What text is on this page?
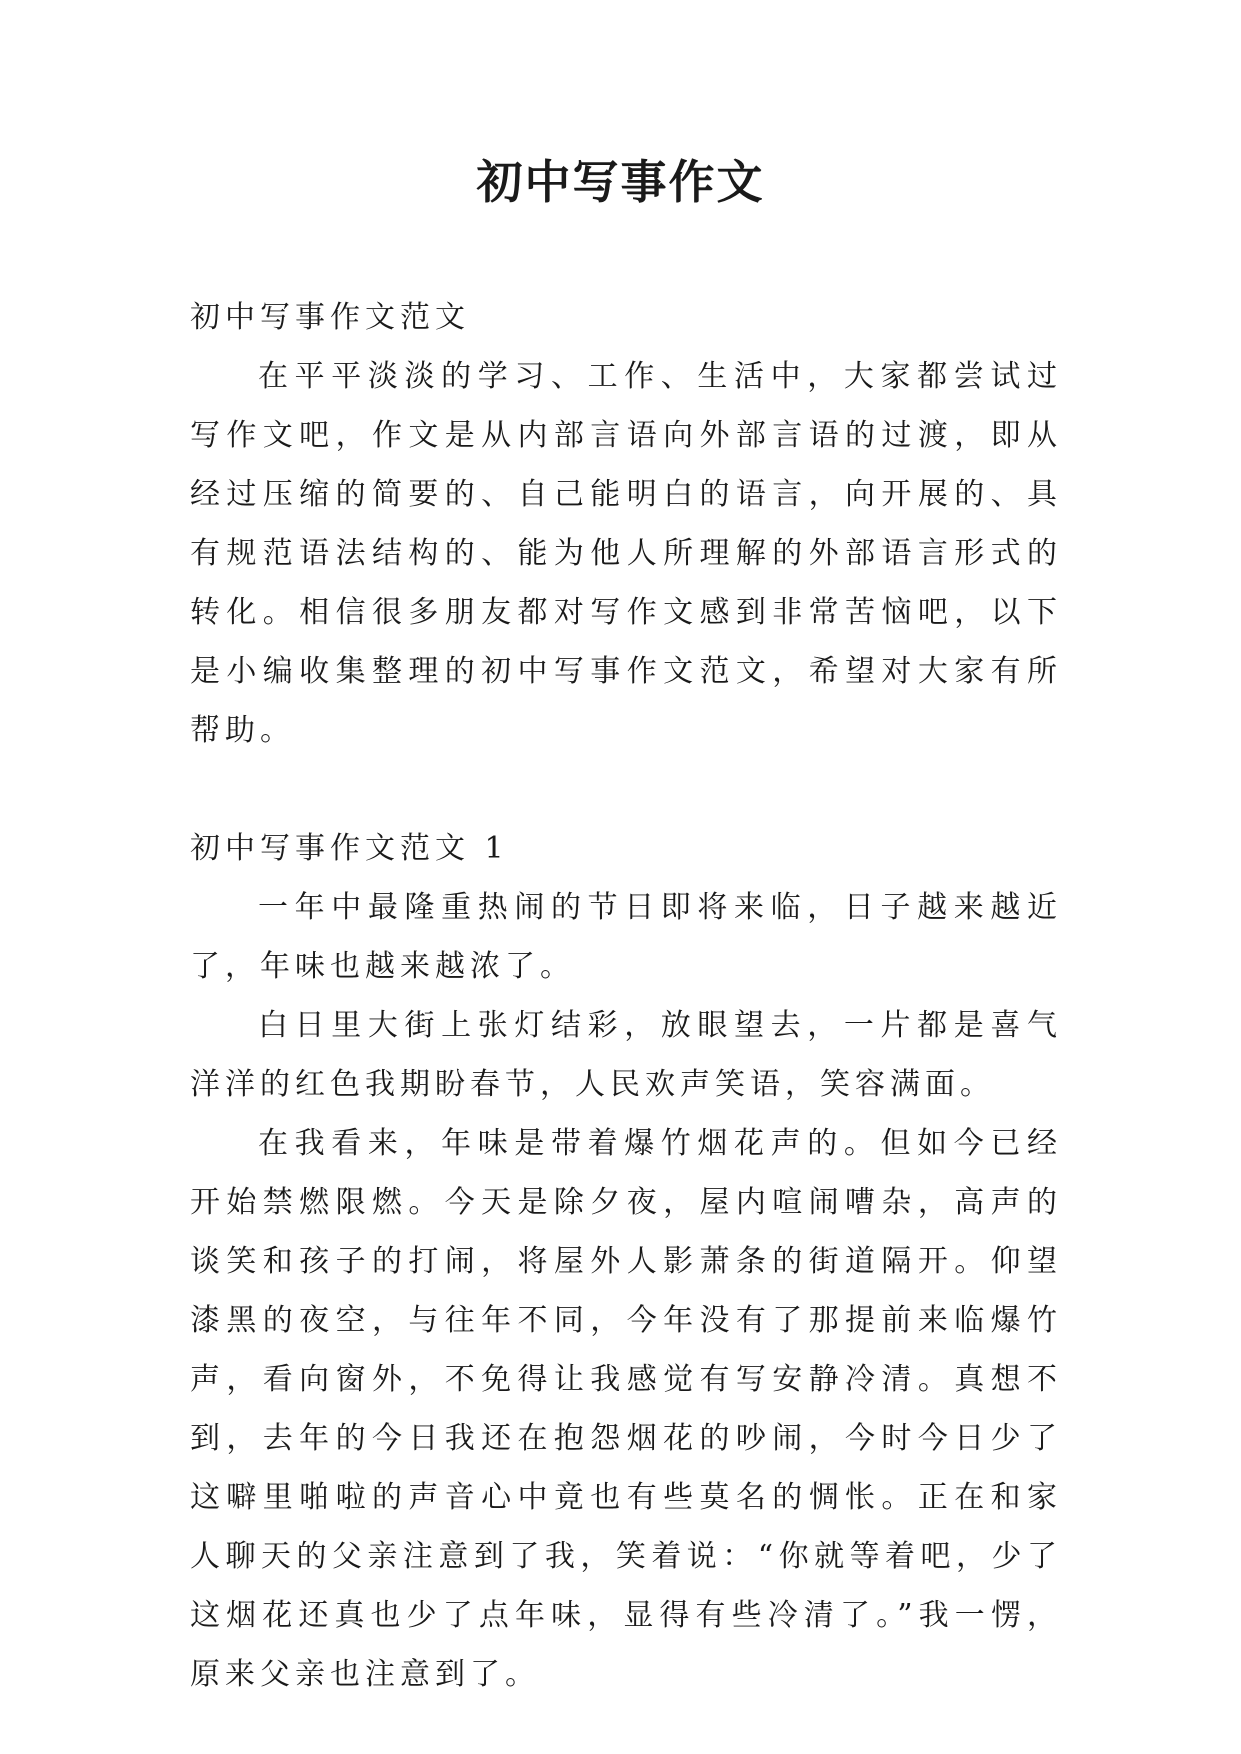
初中写事作文

初中写事作文范文

在平平淡淡的学习、工作、生活中，大家都尝试过写作文吧，作文是从内部言语向外部言语的过渡，即从经过压缩的简要的、自己能明白的语言，向开展的、具有规范语法结构的、能为他人所理解的外部语言形式的转化。相信很多朋友都对写作文感到非常苦恼吧，以下是小编收集整理的初中写事作文范文，希望对大家有所帮助。

初中写事作文范文 1

一年中最隆重热闹的节日即将来临，日子越来越近了，年味也越来越浓了。

白日里大街上张灯结彩，放眼望去，一片都是喜气洋洋的红色我期盼春节，人民欢声笑语，笑容满面。

在我看来，年味是带着爆竹烟花声的。但如今已经开始禁燃限燃。今天是除夕夜，屋内喧闹嘈杂，高声的谈笑和孩子的打闹，将屋外人影萧条的街道隔开。仰望漆黑的夜空，与往年不同，今年没有了那提前来临爆竹声，看向窗外，不免得让我感觉有写安静冷清。真想不到，去年的今日我还在抱怨烟花的吵闹，今时今日少了这噼里啪啦的声音心中竟也有些莫名的惆怅。正在和家人聊天的父亲注意到了我，笑着说：“你就等着吧，少了这烟花还真也少了点年味，显得有些冷清了。”我一愣，原来父亲也注意到了。
